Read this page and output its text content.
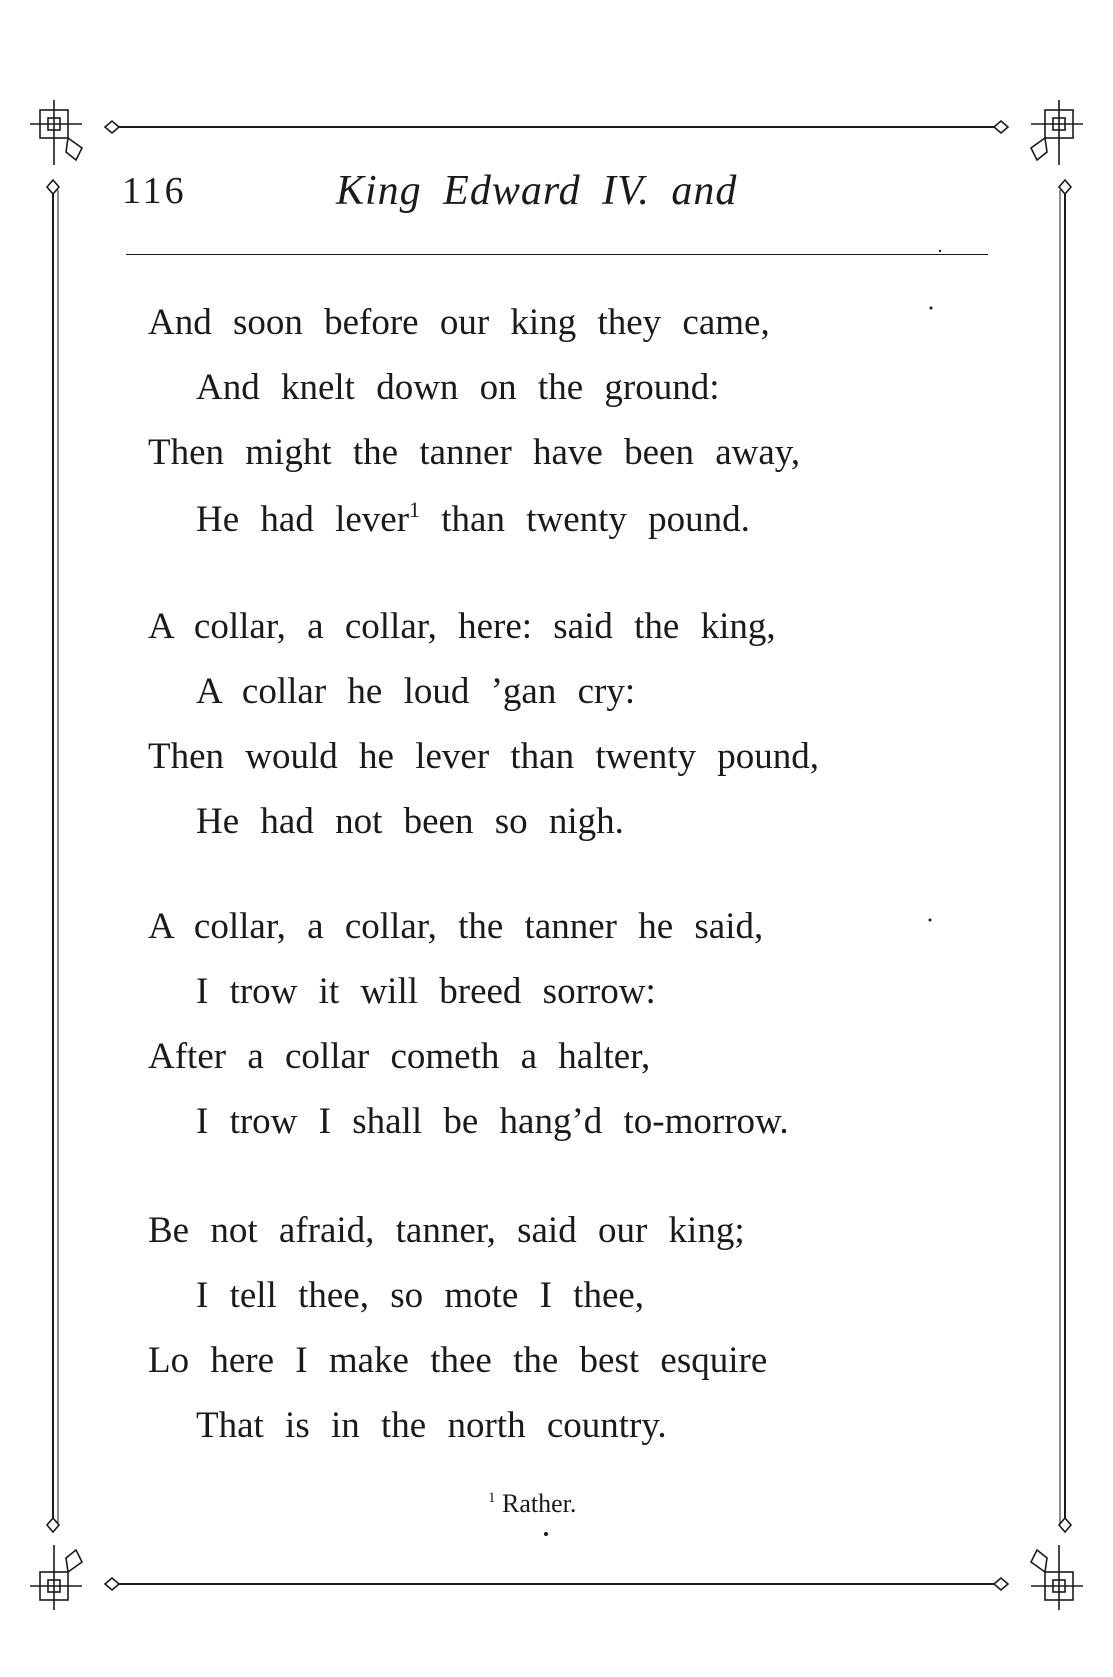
116	King Edward IV. and
And soon before our king they came,
And knelt down on the ground:
Then might the tanner have been away,
He had lever$^1$ than twenty pound.
A collar, a collar, here: said the king,
A collar he loud ’gan cry:
Then would he lever than twenty pound,
He had not been so nigh.
A collar, a collar, the tanner he said,
I trow it will breed sorrow:
After a collar cometh a halter,
I trow I shall be hang’d to-morrow.
Be not afraid, tanner, said our king;
I tell thee, so mote I thee,
Lo here I make thee the best esquire
That is in the north country.
$^1$ Rather.
